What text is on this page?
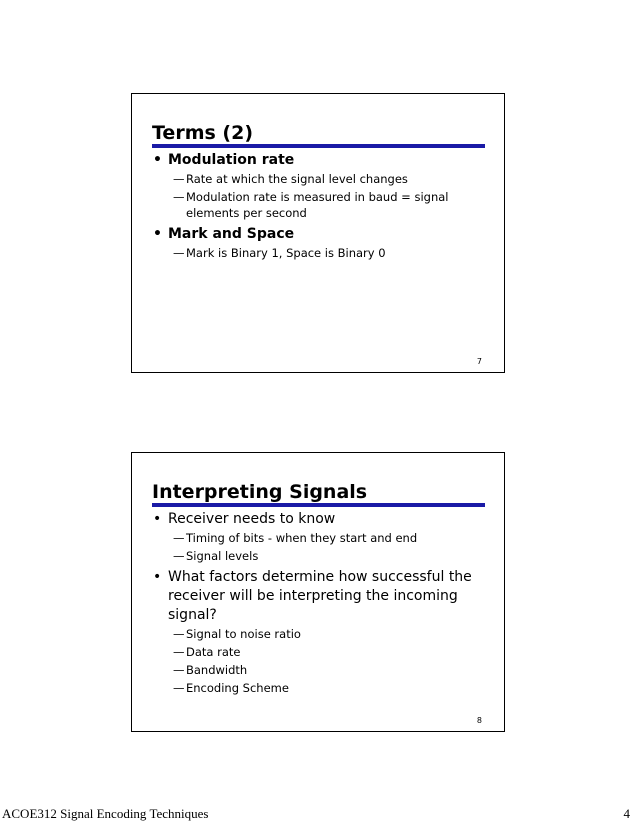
Terms (2)

• Modulation rate

— Rate at which the signal level changes

— Modulation rate is measured in baud = signal elements per second

• Mark and Space

— Mark is Binary 1, Space is Binary 0

7
Interpreting Signals

• Receiver needs to know

— Timing of bits - when they start and end

— Signal levels

• What factors determine how successful the receiver will be interpreting the incoming signal?

— Signal to noise ratio

— Data rate

— Bandwidth

— Encoding Scheme

8
ACOE312 Signal Encoding Techniques	4
